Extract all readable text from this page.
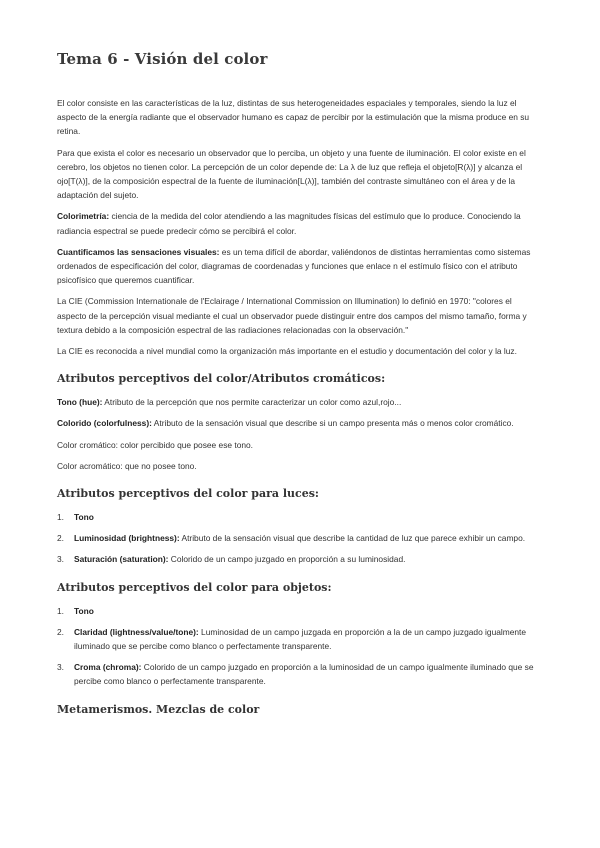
Tema 6 - Visión del color

El color consiste en las características de la luz, distintas de sus heterogeneidades espaciales y temporales, siendo la luz el aspecto de la energía radiante que el observador humano es capaz de percibir por la estimulación que la misma produce en su retina.

Para que exista el color es necesario un observador que lo perciba, un objeto y una fuente de iluminación. El color existe en el cerebro, los objetos no tienen color. La percepción de un color depende de: La λ de luz que refleja el objeto[R(λ)] y alcanza el ojo[T(λ)], de la composición espectral de la fuente de iluminación[L(λ)], también del contraste simultáneo con el área y de la adaptación del sujeto.

Colorimetría: ciencia de la medida del color atendiendo a las magnitudes físicas del estímulo que lo produce. Conociendo la radiancia espectral se puede predecir cómo se percibirá el color.

Cuantificamos las sensaciones visuales: es un tema difícil de abordar, valiéndonos de distintas herramientas como sistemas ordenados de especificación del color, diagramas de coordenadas y funciones que enlace n el estímulo físico con el atributo psicofísico que queremos cuantificar.

La CIE (Commission Internationale de l'Eclairage / International Commission on Illumination) lo definió en 1970: "colores el aspecto de la percepción visual mediante el cual un observador puede distinguir entre dos campos del mismo tamaño, forma y textura debido a la composición espectral de las radiaciones relacionadas con la observación."

La CIE es reconocida a nivel mundial como la organización más importante en el estudio y documentación del color y la luz.

Atributos perceptivos del color/Atributos cromáticos:

Tono (hue): Atributo de la percepción que nos permite caracterizar un color como azul,rojo...

Colorido (colorfulness): Atributo de la sensación visual que describe si un campo presenta más o menos color cromático.

Color cromático: color percibido que posee ese tono.

Color acromático: que no posee tono.

Atributos perceptivos del color para luces:
1.	Tono
2.	Luminosidad (brightness): Atributo de la sensación visual que describe la cantidad de luz que parece exhibir un campo.
3.	Saturación (saturation): Colorido de un campo juzgado en proporción a su luminosidad.
Atributos perceptivos del color para objetos:
1.	Tono
2.	Claridad (lightness/value/tone): Luminosidad de un campo juzgada en proporción a la de un campo juzgado igualmente iluminado que se percibe como blanco o perfectamente transparente.
3.	Croma (chroma): Colorido de un campo juzgado en proporción a la luminosidad de un campo igualmente iluminado que se percibe como blanco o perfectamente transparente.
Metamerismos. Mezclas de color
